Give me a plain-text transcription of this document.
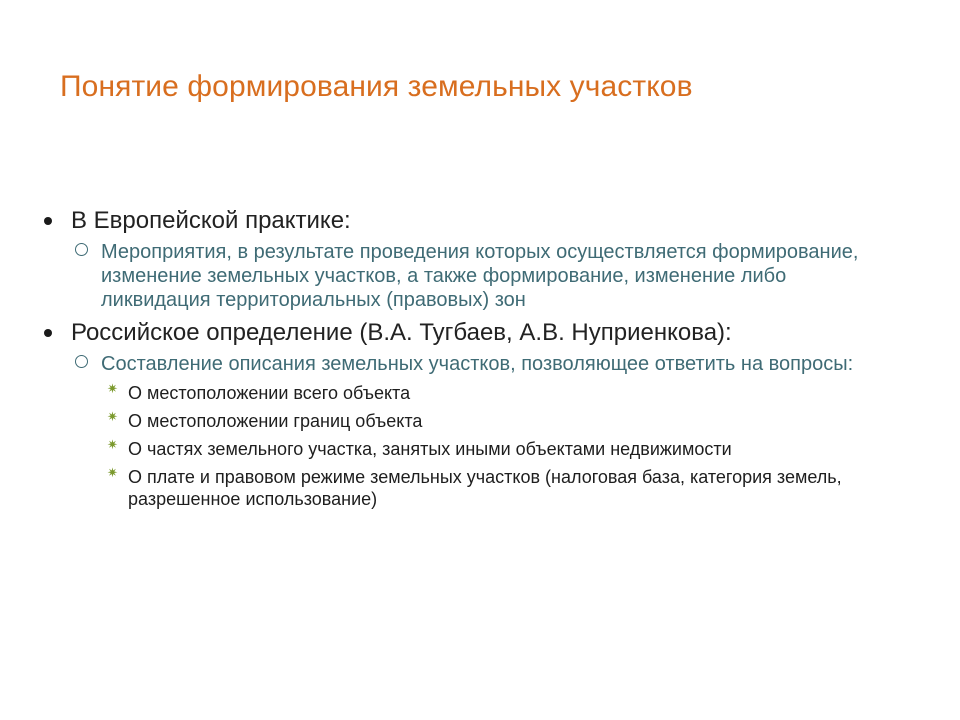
Понятие формирования земельных участков
В Европейской практике:
Мероприятия, в результате проведения которых осуществляется формирование, изменение земельных участков, а также формирование, изменение либо ликвидация территориальных (правовых) зон
Российское определение (В.А. Тугбаев, А.В. Нуприенкова):
Составление описания земельных участков, позволяющее ответить на вопросы:
✷ О местоположении всего объекта
✷ О местоположении границ объекта
✷ О частях земельного участка, занятых иными объектами недвижимости
✷ О плате и правовом режиме земельных участков (налоговая база, категория земель, разрешенное использование)
